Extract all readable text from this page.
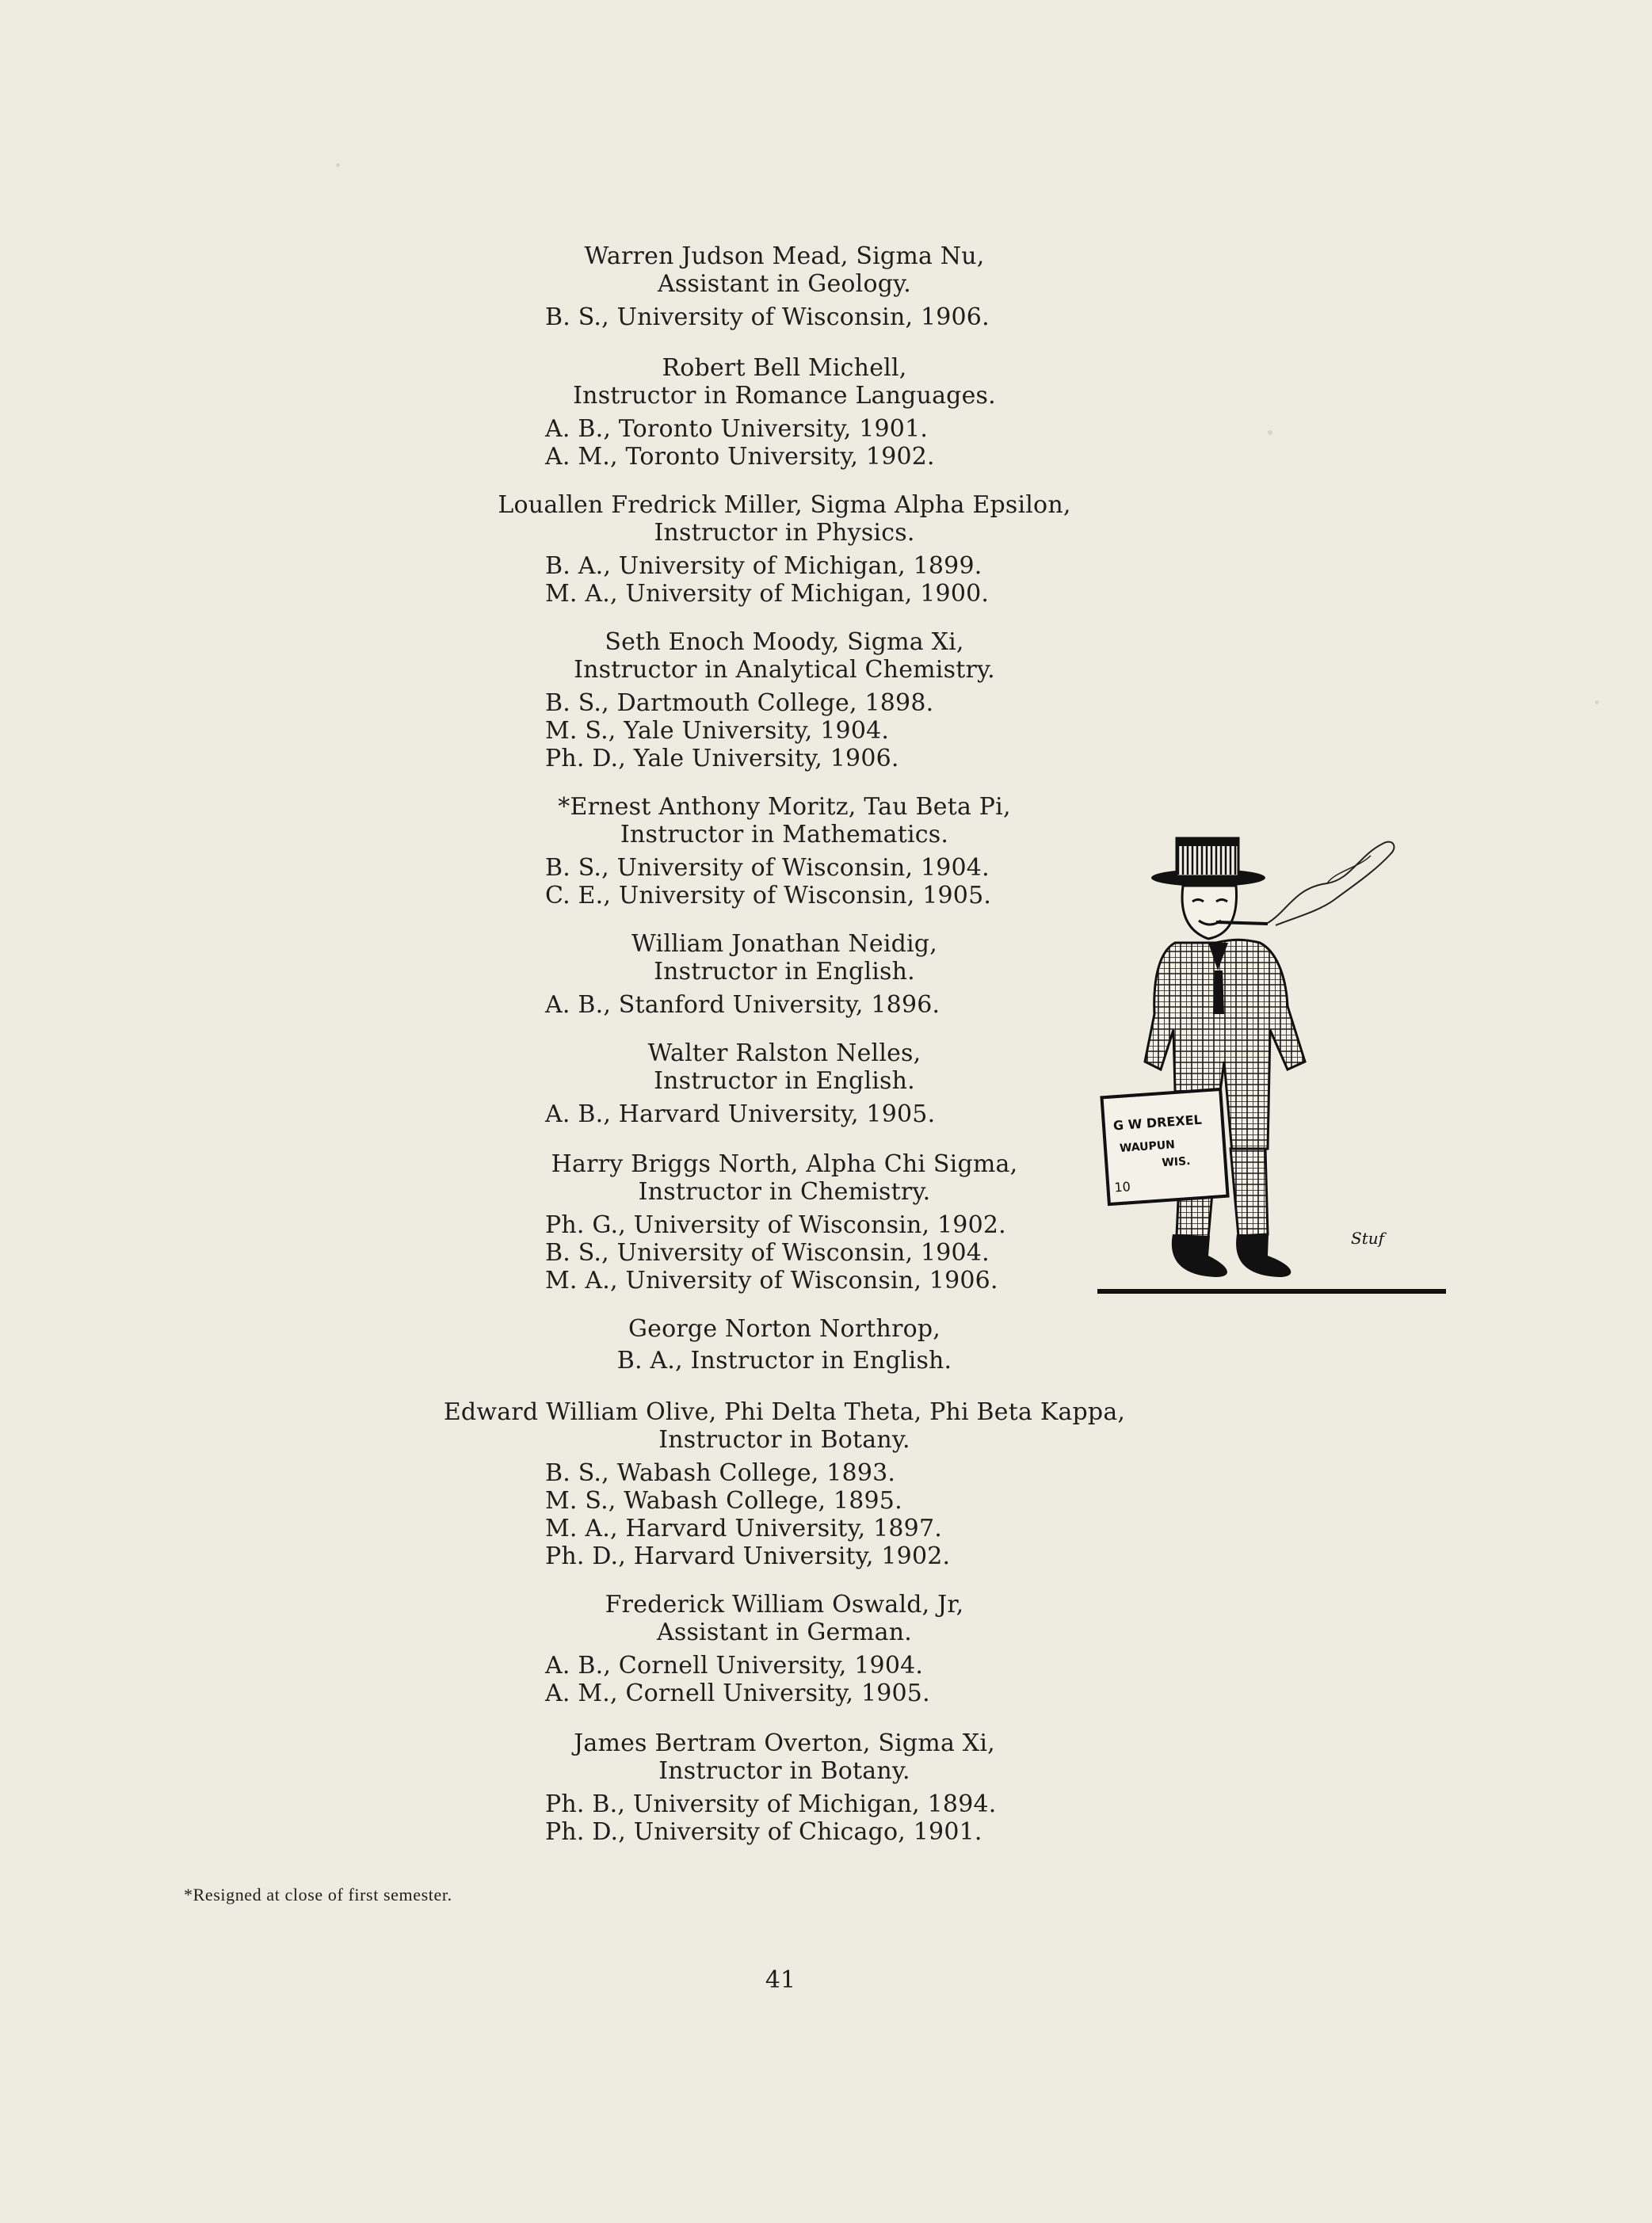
Warren Judson Mead, Sigma Nu,
Assistant in Geology.
B. S., University of Wisconsin, 1906.
Robert Bell Michell,
Instructor in Romance Languages.
A. B., Toronto University, 1901.
A. M., Toronto University, 1902.
Louallen Fredrick Miller, Sigma Alpha Epsilon,
Instructor in Physics.
B. A., University of Michigan, 1899.
M. A., University of Michigan, 1900.
Seth Enoch Moody, Sigma Xi,
Instructor in Analytical Chemistry.
B. S., Dartmouth College, 1898.
M. S., Yale University, 1904.
Ph. D., Yale University, 1906.
*Ernest Anthony Moritz, Tau Beta Pi,
Instructor in Mathematics.
B. S., University of Wisconsin, 1904.
C. E., University of Wisconsin, 1905.
William Jonathan Neidig,
Instructor in English.
A. B., Stanford University, 1896.
Walter Ralston Nelles,
Instructor in English.
A. B., Harvard University, 1905.
Harry Briggs North, Alpha Chi Sigma,
Instructor in Chemistry.
Ph. G., University of Wisconsin, 1902.
B. S., University of Wisconsin, 1904.
M. A., University of Wisconsin, 1906.
George Norton Northrop,
B. A., Instructor in English.
Edward William Olive, Phi Delta Theta, Phi Beta Kappa,
Instructor in Botany.
B. S., Wabash College, 1893.
M. S., Wabash College, 1895.
M. A., Harvard University, 1897.
Ph. D., Harvard University, 1902.
Frederick William Oswald, Jr,
Assistant in German.
A. B., Cornell University, 1904.
A. M., Cornell University, 1905.
James Bertram Overton, Sigma Xi,
Instructor in Botany.
Ph. B., University of Michigan, 1894.
Ph. D., University of Chicago, 1901.
*Resigned at close of first semester.
41
G W DREXEL
WAUPUN
WIS.
10
Stuf
